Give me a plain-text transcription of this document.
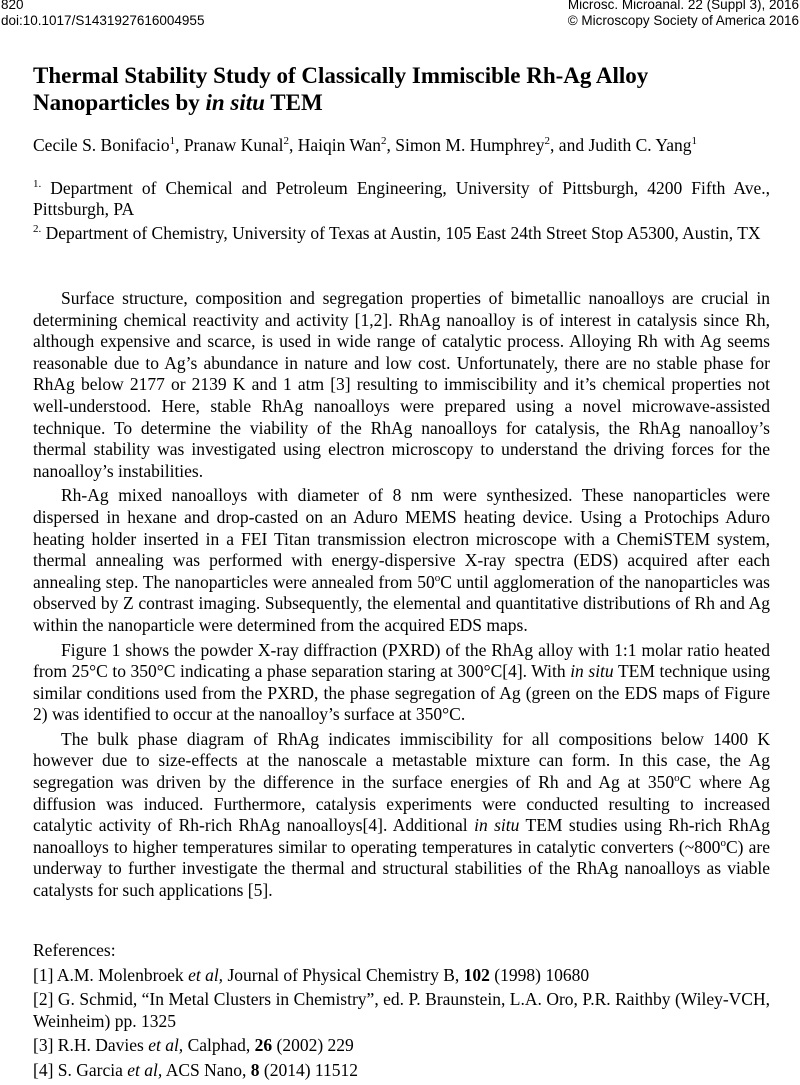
820
doi:10.1017/S1431927616004955
Microsc. Microanal. 22 (Suppl 3), 2016
© Microscopy Society of America 2016
Thermal Stability Study of Classically Immiscible Rh-Ag Alloy Nanoparticles by in situ TEM
Cecile S. Bonifacio$^1$, Pranaw Kunal$^2$, Haiqin Wan$^2$, Simon M. Humphrey$^2$, and Judith C. Yang$^1$
$^{1.}$ Department of Chemical and Petroleum Engineering, University of Pittsburgh, 4200 Fifth Ave., Pittsburgh, PA
$^{2.}$ Department of Chemistry, University of Texas at Austin, 105 East 24th Street Stop A5300, Austin, TX

Surface structure, composition and segregation properties of bimetallic nanoalloys are crucial in determining chemical reactivity and activity [1,2]. RhAg nanoalloy is of interest in catalysis since Rh, although expensive and scarce, is used in wide range of catalytic process. Alloying Rh with Ag seems reasonable due to Ag’s abundance in nature and low cost. Unfortunately, there are no stable phase for RhAg below 2177 or 2139 K and 1 atm [3] resulting to immiscibility and it’s chemical properties not well-understood. Here, stable RhAg nanoalloys were prepared using a novel microwave-assisted technique. To determine the viability of the RhAg nanoalloys for catalysis, the RhAg nanoalloy’s thermal stability was investigated using electron microscopy to understand the driving forces for the nanoalloy’s instabilities.

Rh-Ag mixed nanoalloys with diameter of 8 nm were synthesized. These nanoparticles were dispersed in hexane and drop-casted on an Aduro MEMS heating device. Using a Protochips Aduro heating holder inserted in a FEI Titan transmission electron microscope with a ChemiSTEM system, thermal annealing was performed with energy-dispersive X-ray spectra (EDS) acquired after each annealing step. The nanoparticles were annealed from 50$^o$C until agglomeration of the nanoparticles was observed by Z contrast imaging. Subsequently, the elemental and quantitative distributions of Rh and Ag within the nanoparticle were determined from the acquired EDS maps.

Figure 1 shows the powder X-ray diffraction (PXRD) of the RhAg alloy with 1:1 molar ratio heated from 25°C to 350°C indicating a phase separation staring at 300°C[4]. With in situ TEM technique using similar conditions used from the PXRD, the phase segregation of Ag (green on the EDS maps of Figure 2) was identified to occur at the nanoalloy’s surface at 350°C.

The bulk phase diagram of RhAg indicates immiscibility for all compositions below 1400 K however due to size-effects at the nanoscale a metastable mixture can form. In this case, the Ag segregation was driven by the difference in the surface energies of Rh and Ag at 350$^o$C where Ag diffusion was induced. Furthermore, catalysis experiments were conducted resulting to increased catalytic activity of Rh-rich RhAg nanoalloys[4]. Additional in situ TEM studies using Rh-rich RhAg nanoalloys to higher temperatures similar to operating temperatures in catalytic converters (~800$^o$C) are underway to further investigate the thermal and structural stabilities of the RhAg nanoalloys as viable catalysts for such applications [5].

References:
[1] A.M. Molenbroek et al, Journal of Physical Chemistry B, 102 (1998) 10680
[2] G. Schmid, “In Metal Clusters in Chemistry”, ed. P. Braunstein, L.A. Oro, P.R. Raithby (Wiley-VCH, Weinheim) pp. 1325
[3] R.H. Davies et al, Calphad, 26 (2002) 229
[4] S. Garcia et al, ACS Nano, 8 (2014) 11512
